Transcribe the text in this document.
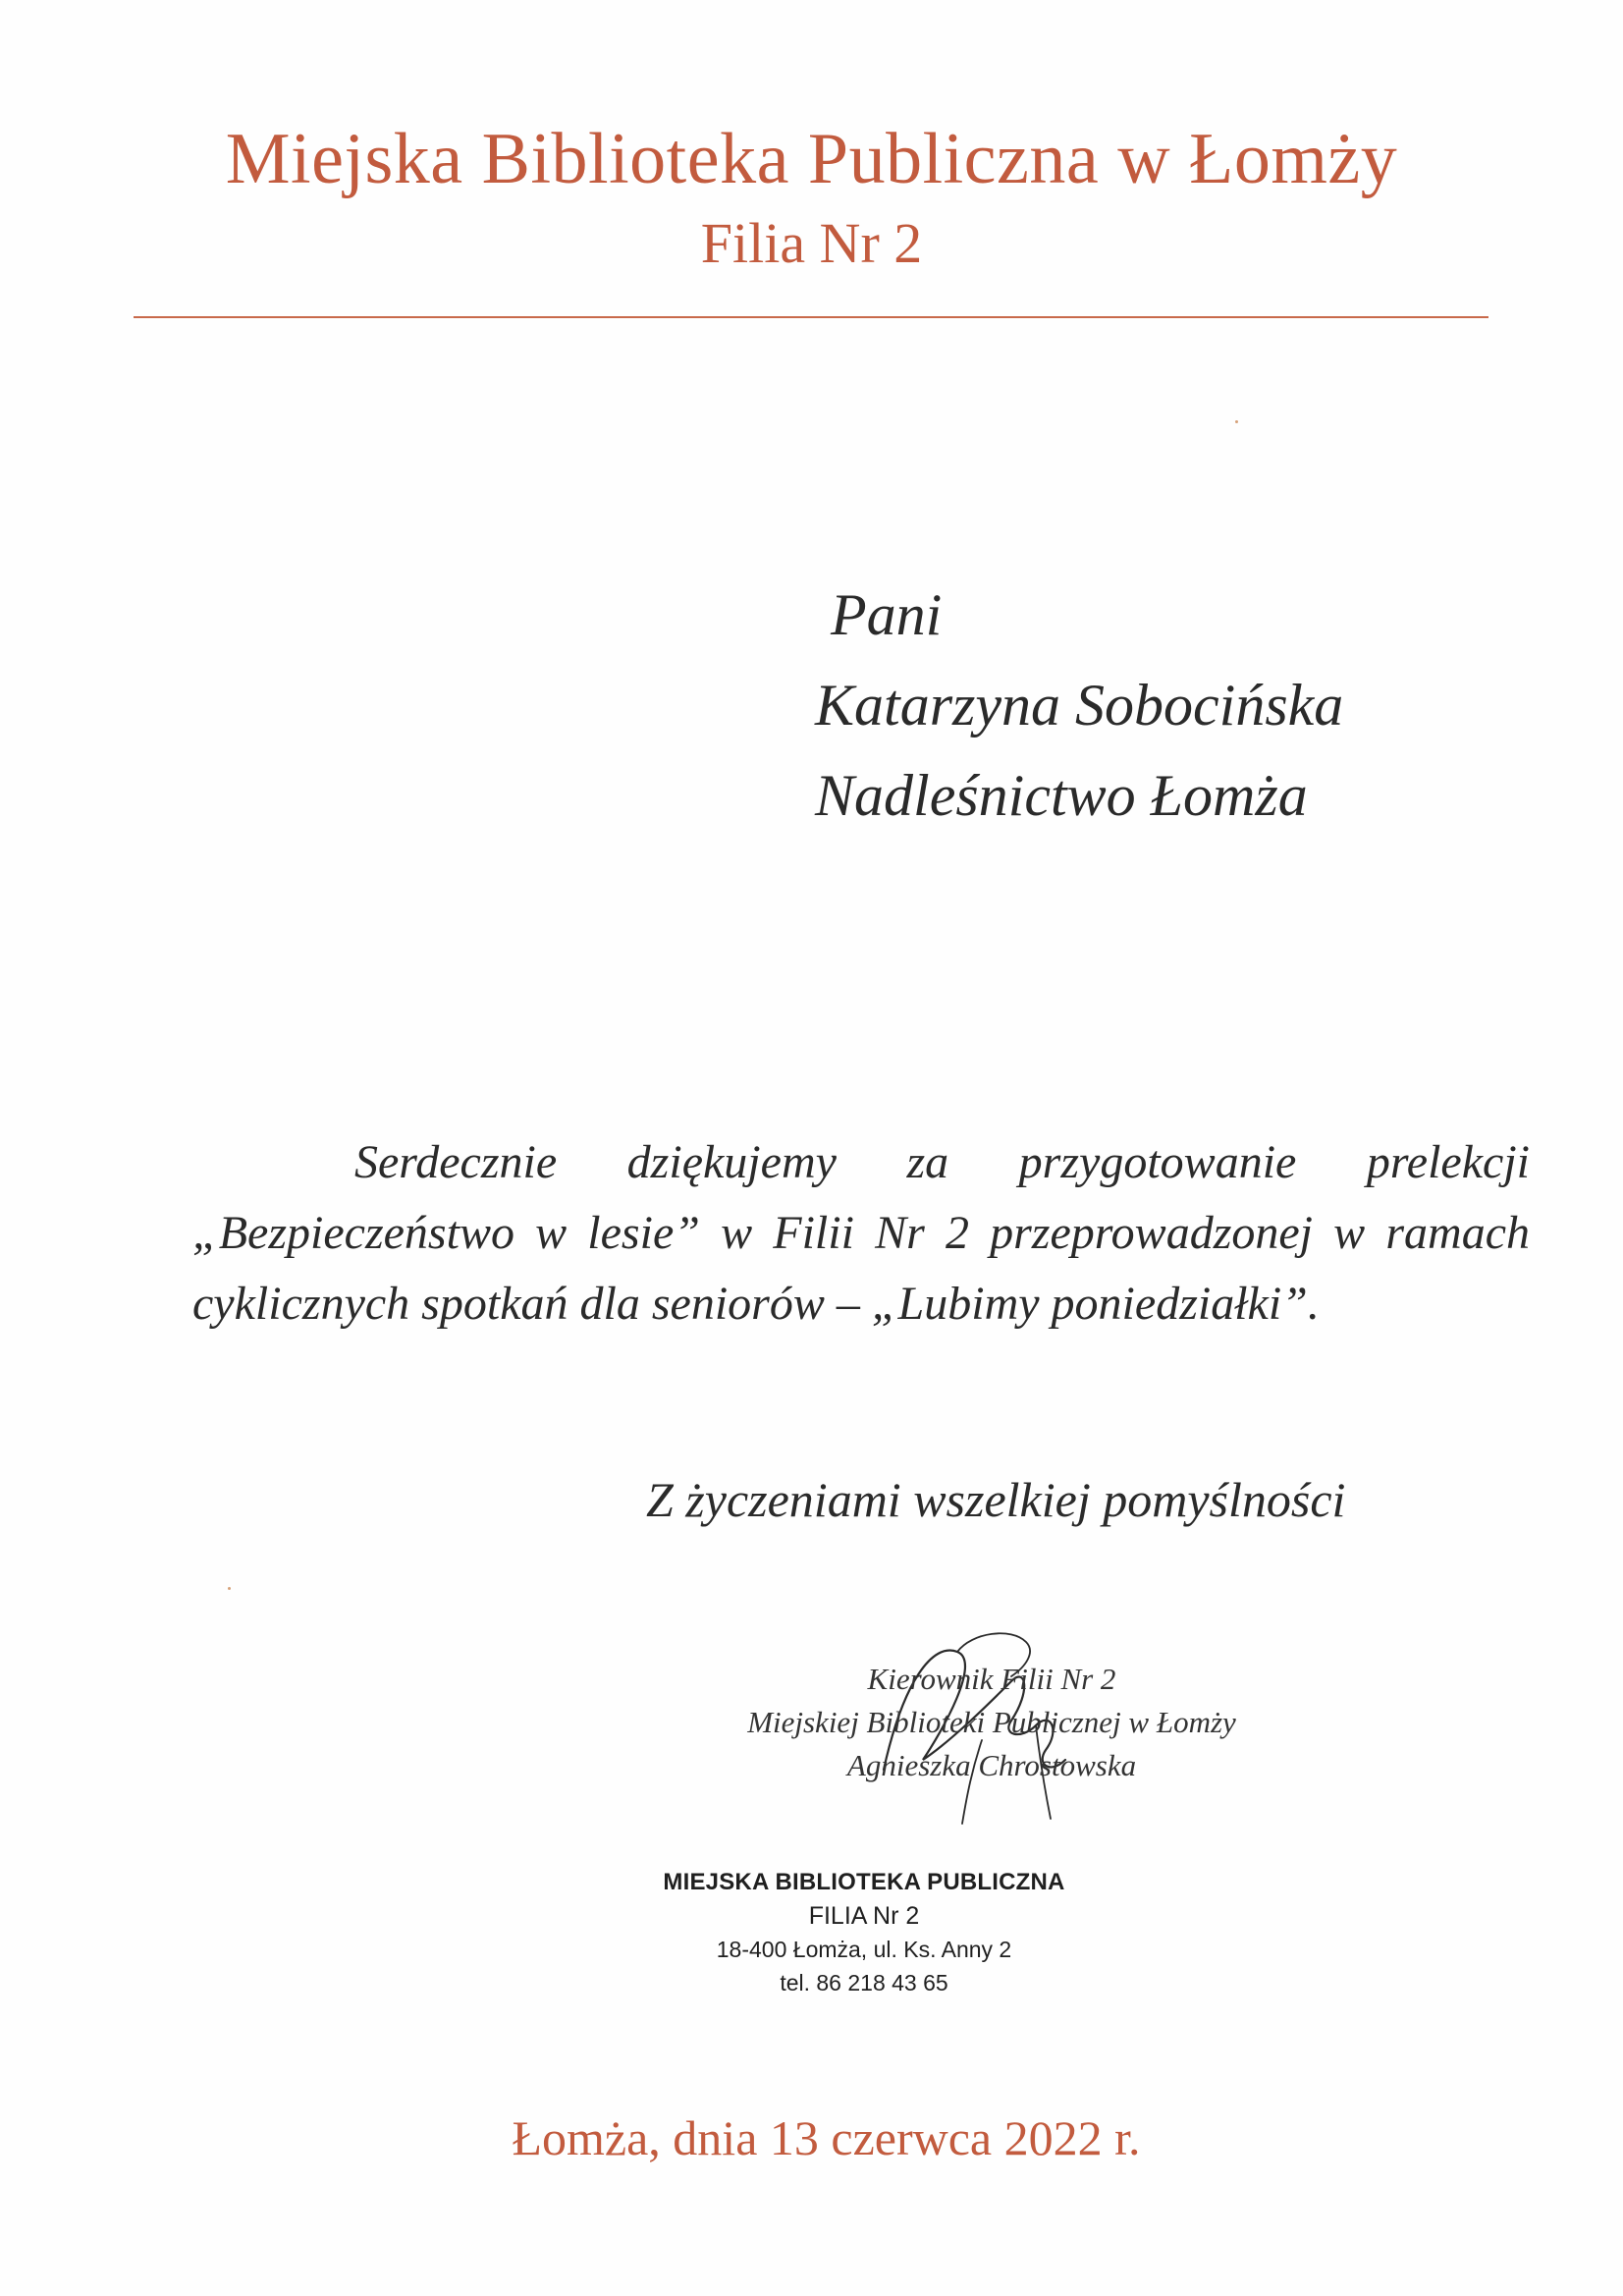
Miejska Biblioteka Publiczna w Łomży
Filia Nr 2
Pani
Katarzyna Sobocińska
Nadleśnictwo Łomża
Serdecznie dziękujemy za przygotowanie prelekcji „Bezpieczeństwo w lesie” w Filii Nr 2 przeprowadzonej w ramach cyklicznych spotkań dla seniorów – „Lubimy poniedziałki”.
Z życzeniami wszelkiej pomyślności
Kierownik Filii Nr 2
Miejskiej Biblioteki Publicznej w Łomży
Agnieszka Chrostowska
MIEJSKA BIBLIOTEKA PUBLICZNA
FILIA Nr 2
18-400 Łomża, ul. Ks. Anny 2
tel. 86 218 43 65
Łomża, dnia 13 czerwca 2022 r.
